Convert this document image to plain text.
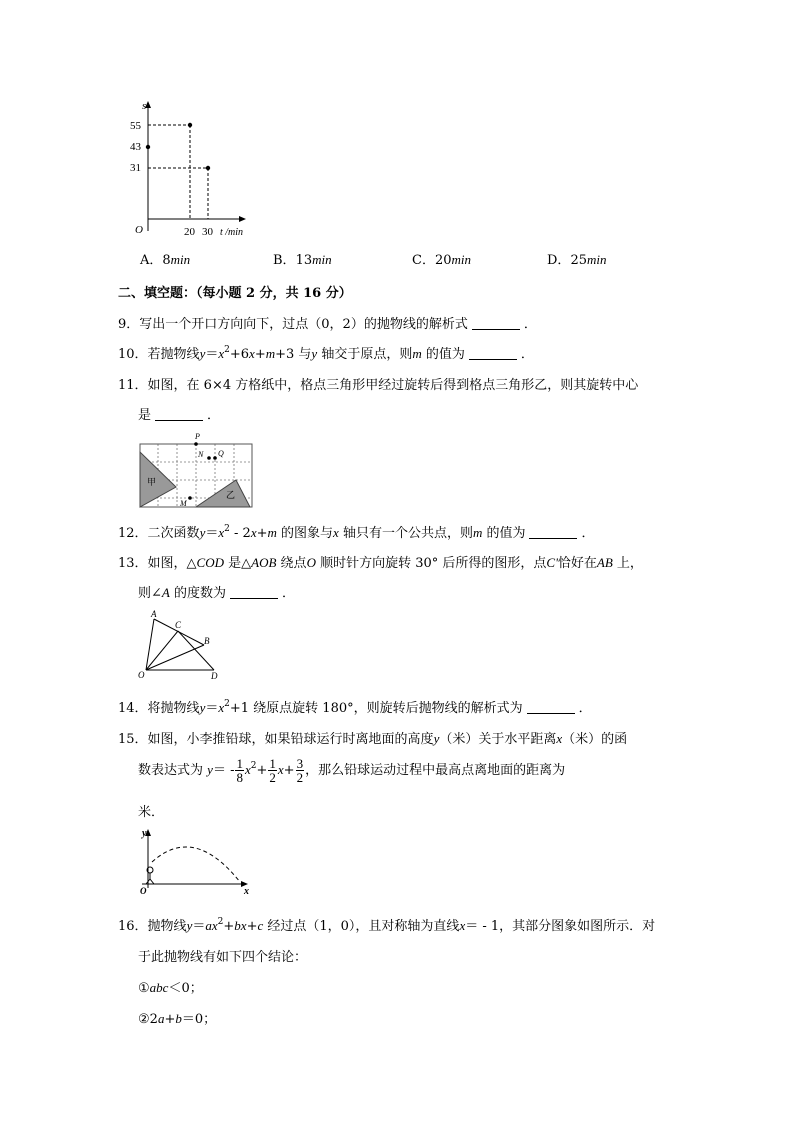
s
O
55
43
31
20 30 t /min
A．8min	B．13min	C．20min	D．25min
二、填空题：（每小题 2 分，共 16 分）
9．写出一个开口方向向下，过点（0，2）的抛物线的解析式	．
10．若抛物线$y=x^2+6x+m+3$ 与y 轴交于原点，则m 的值为	．
11．如图，在 6×4 方格纸中，格点三角形甲经过旋转后得到格点三角形乙，则其旋转中心
是	．
甲
乙
P
N Q
M
12．二次函数$y=x^2 - 2x+m$ 的图象与x 轴只有一个公共点，则m 的值为	．
13．如图，△COD 是△AOB 绕点O 顺时针方向旋转 30° 后所得的图形，点C'恰好在AB 上，
则∠A 的度数为	．
A
C
B
O	D
14．将抛物线$y=x^2+1$ 绕原点旋转 180°，则旋转后抛物线的解析式为	．
15．如图，小李推铅球，如果铅球运行时离地面的高度y（米）关于水平距离x（米）的函
数表达式为 $y= - \frac{1}{8} x^2+ \frac{1}{2} x+ \frac{3}{2}$ ，那么铅球运动过程中最高点离地面的距离为
米．
y
x
O
16．抛物线$y=ax^2+bx+c$ 经过点（1，0），且对称轴为直线x＝ - 1，其部分图象如图所示．对
于此抛物线有如下四个结论：
①abc＜0；
②2a+b＝0；
